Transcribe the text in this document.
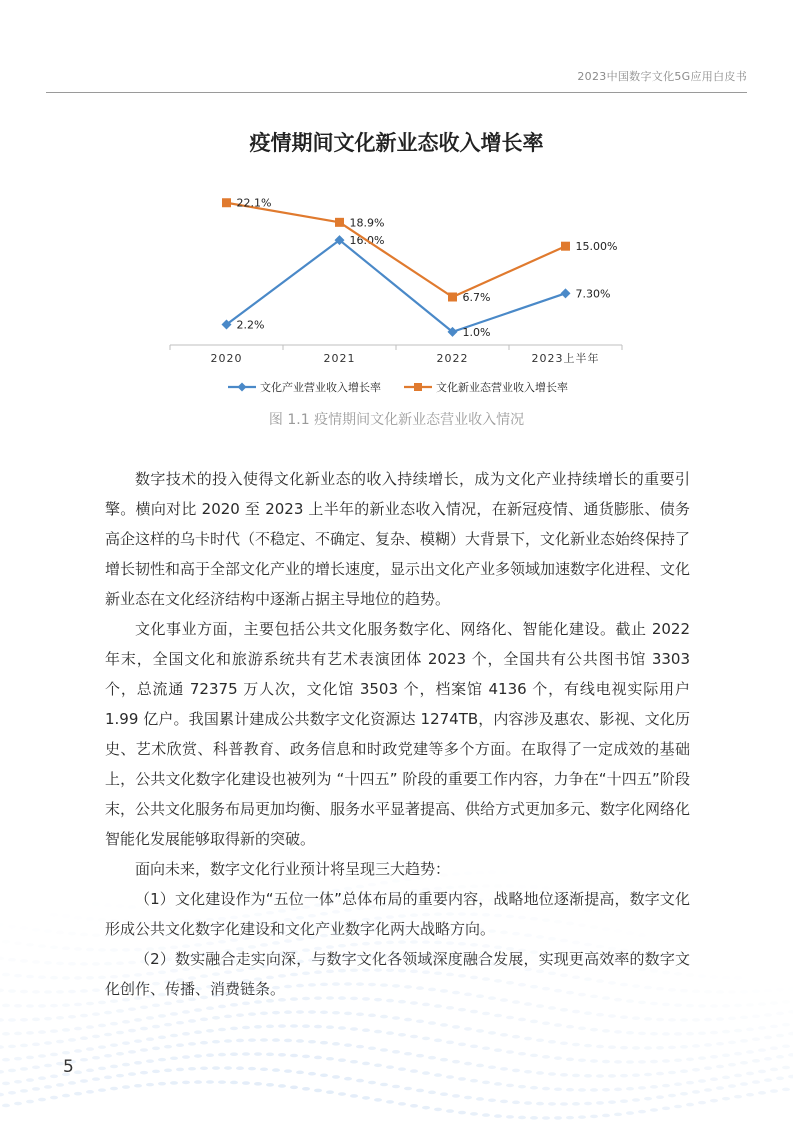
2023中国数字文化5G应用白皮书
疫情期间文化新业态收入增长率
2020	2021	2022	2023上半年
2.2%
16.0%
1.0%
7.30%
22.1%
18.9%
6.7%
15.00%
文化产业营业收入增长率	文化新业态营业收入增长率
图 1.1 疫情期间文化新业态营业收入情况

数字技术的投入使得文化新业态的收入持续增长，成为文化产业持续增长的重要引擎。横向对比 2020 至 2023 上半年的新业态收入情况，在新冠疫情、通货膨胀、债务高企这样的乌卡时代（不稳定、不确定、复杂、模糊）大背景下，文化新业态始终保持了增长韧性和高于全部文化产业的增长速度，显示出文化产业多领域加速数字化进程、文化新业态在文化经济结构中逐渐占据主导地位的趋势。

文化事业方面，主要包括公共文化服务数字化、网络化、智能化建设。截止 2022 年末，全国文化和旅游系统共有艺术表演团体 2023 个，全国共有公共图书馆 3303 个，总流通 72375 万人次，文化馆 3503 个，档案馆 4136 个，有线电视实际用户 1.99 亿户。我国累计建成公共数字文化资源达 1274TB，内容涉及惠农、影视、文化历史、艺术欣赏、科普教育、政务信息和时政党建等多个方面。在取得了一定成效的基础上，公共文化数字化建设也被列为 “十四五” 阶段的重要工作内容，力争在“十四五”阶段末，公共文化服务布局更加均衡、服务水平显著提高、供给方式更加多元、数字化网络化智能化发展能够取得新的突破。

面向未来，数字文化行业预计将呈现三大趋势：

（1）文化建设作为“五位一体”总体布局的重要内容，战略地位逐渐提高，数字文化形成公共文化数字化建设和文化产业数字化两大战略方向。

（2）数实融合走实向深，与数字文化各领域深度融合发展，实现更高效率的数字文化创作、传播、消费链条。

5
